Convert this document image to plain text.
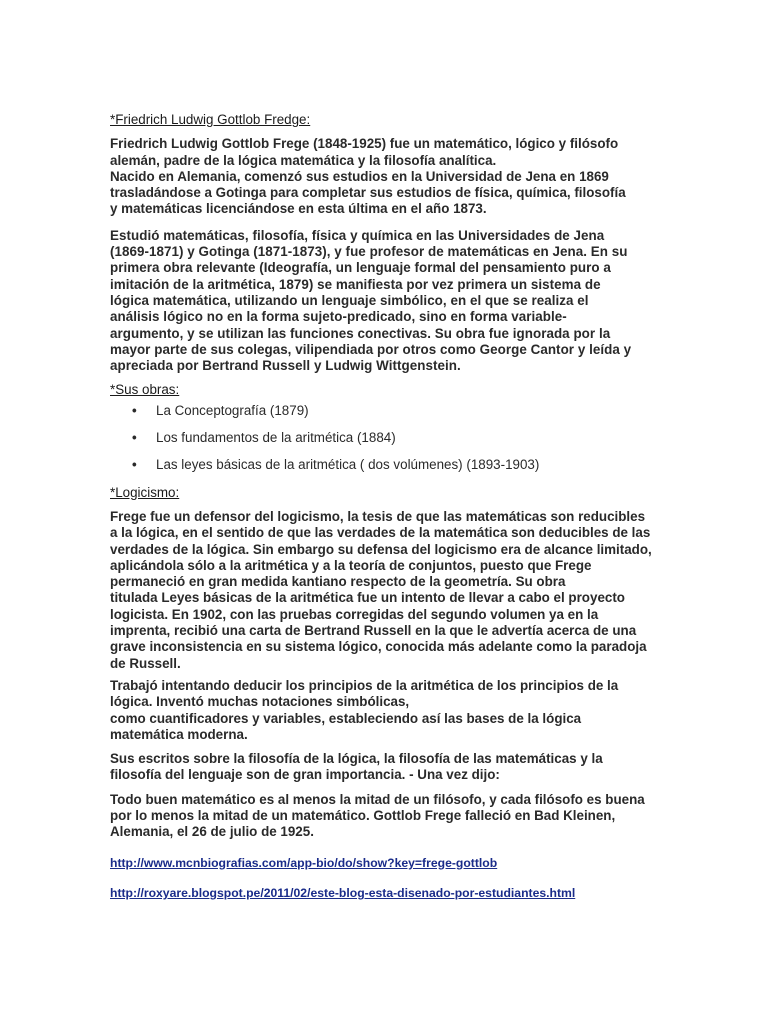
*Friedrich Ludwig Gottlob Fredge:

Friedrich Ludwig Gottlob Frege (1848-1925) fue un matemático, lógico y filósofo
alemán, padre de la lógica matemática y la filosofía analítica.
Nacido en Alemania, comenzó sus estudios en la Universidad de Jena en 1869
trasladándose a Gotinga para completar sus estudios de física, química, filosofía
y matemáticas licenciándose en esta última en el año 1873.

Estudió matemáticas, filosofía, física y química en las Universidades de Jena
(1869-1871) y Gotinga (1871-1873), y fue profesor de matemáticas en Jena. En su
primera obra relevante (Ideografía, un lenguaje formal del pensamiento puro a
imitación de la aritmética, 1879) se manifiesta por vez primera un sistema de
lógica matemática, utilizando un lenguaje simbólico, en el que se realiza el
análisis lógico no en la forma sujeto-predicado, sino en forma variable-
argumento, y se utilizan las funciones conectivas. Su obra fue ignorada por la
mayor parte de sus colegas, vilipendiada por otros como George Cantor y leída y
apreciada por Bertrand Russell y Ludwig Wittgenstein.

*Sus obras:
• La Conceptografía (1879)
• Los fundamentos de la aritmética (1884)
• Las leyes básicas de la aritmética ( dos volúmenes) (1893-1903)
*Logicismo:

Frege fue un defensor del logicismo, la tesis de que las matemáticas son reducibles
a la lógica, en el sentido de que las verdades de la matemática son deducibles de las
verdades de la lógica. Sin embargo su defensa del logicismo era de alcance limitado,
aplicándola sólo a la aritmética y a la teoría de conjuntos, puesto que Frege
permaneció en gran medida kantiano respecto de la geometría. Su obra
titulada Leyes básicas de la aritmética fue un intento de llevar a cabo el proyecto
logicista. En 1902, con las pruebas corregidas del segundo volumen ya en la
imprenta, recibió una carta de Bertrand Russell en la que le advertía acerca de una
grave inconsistencia en su sistema lógico, conocida más adelante como la paradoja
de Russell.

Trabajó intentando deducir los principios de la aritmética de los principios de la
lógica. Inventó muchas notaciones simbólicas,
como cuantificadores y variables, estableciendo así las bases de la lógica
matemática moderna.

Sus escritos sobre la filosofía de la lógica, la filosofía de las matemáticas y la
filosofía del lenguaje son de gran importancia. - Una vez dijo:

Todo buen matemático es al menos la mitad de un filósofo, y cada filósofo es buena
por lo menos la mitad de un matemático. Gottlob Frege falleció en Bad Kleinen,
Alemania, el 26 de julio de 1925.

http://www.mcnbiografias.com/app-bio/do/show?key=frege-gottlob
http://roxyare.blogspot.pe/2011/02/este-blog-esta-disenado-por-estudiantes.html
